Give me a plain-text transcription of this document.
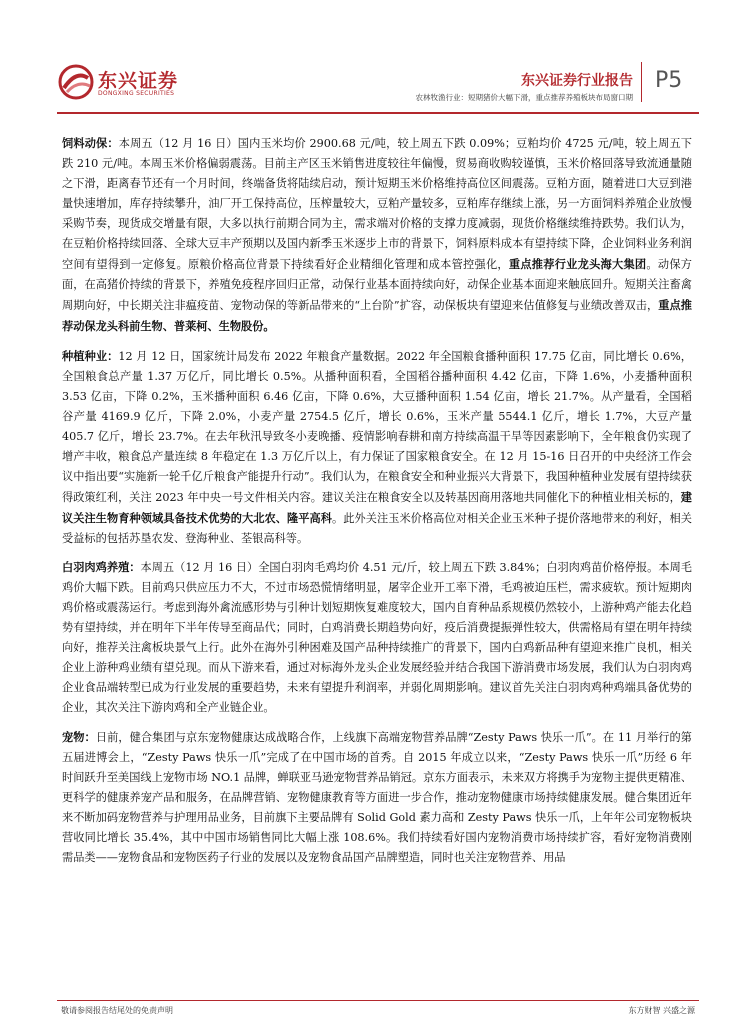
东兴证券
DONGXING SECURITIES
东兴证券行业报告
农林牧渔行业：短期猪价大幅下滑，重点推荐养殖板块布局窗口期
P5

饲料动保：本周五（12 月 16 日）国内玉米均价 2900.68 元/吨，较上周五下跌 0.09%；豆粕均价 4725 元/吨，较上周五下跌 210 元/吨。本周玉米价格偏弱震荡。目前主产区玉米销售进度较往年偏慢，贸易商收购较谨慎，玉米价格回落导致流通量随之下滑，距离春节还有一个月时间，终端备货将陆续启动，预计短期玉米价格维持高位区间震荡。豆粕方面，随着进口大豆到港量快速增加，库存持续攀升，油厂开工保持高位，压榨量较大，豆粕产量较多，豆粕库存继续上涨，另一方面饲料养殖企业放慢采购节奏，现货成交增量有限，大多以执行前期合同为主，需求端对价格的支撑力度减弱，现货价格继续维持跌势。我们认为，在豆粕价格持续回落、全球大豆丰产预期以及国内新季玉米逐步上市的背景下，饲料原料成本有望持续下降，企业饲料业务利润空间有望得到一定修复。原粮价格高位背景下持续看好企业精细化管理和成本管控强化，重点推荐行业龙头海大集团。动保方面，在高猪价持续的背景下，养殖免疫程序回归正常，动保行业基本面持续向好，动保企业基本面迎来触底回升。短期关注畜禽周期向好，中长期关注非瘟疫苗、宠物动保的等新品带来的“上台阶”扩容，动保板块有望迎来估值修复与业绩改善双击，重点推荐动保龙头科前生物、普莱柯、生物股份。

种植种业：12 月 12 日，国家统计局发布 2022 年粮食产量数据。2022 年全国粮食播种面积 17.75 亿亩，同比增长 0.6%，全国粮食总产量 1.37 万亿斤，同比增长 0.5%。从播种面积看，全国稻谷播种面积 4.42 亿亩，下降 1.6%，小麦播种面积 3.53 亿亩，下降 0.2%，玉米播种面积 6.46 亿亩，下降 0.6%，大豆播种面积 1.54 亿亩，增长 21.7%。从产量看，全国稻谷产量 4169.9 亿斤，下降 2.0%，小麦产量 2754.5 亿斤，增长 0.6%，玉米产量 5544.1 亿斤，增长 1.7%，大豆产量 405.7 亿斤，增长 23.7%。在去年秋汛导致冬小麦晚播、疫情影响春耕和南方持续高温干旱等因素影响下，全年粮食仍实现了增产丰收，粮食总产量连续 8 年稳定在 1.3 万亿斤以上，有力保证了国家粮食安全。在 12 月 15-16 日召开的中央经济工作会议中指出要“实施新一轮千亿斤粮食产能提升行动”。我们认为，在粮食安全和种业振兴大背景下，我国种植种业发展有望持续获得政策红利，关注 2023 年中央一号文件相关内容。建议关注在粮食安全以及转基因商用落地共同催化下的种植业相关标的，建议关注生物育种领域具备技术优势的大北农、隆平高科。此外关注玉米价格高位对相关企业玉米种子提价落地带来的利好，相关受益标的包括苏垦农发、登海种业、荃银高科等。

白羽肉鸡养殖：本周五（12 月 16 日）全国白羽肉毛鸡均价 4.51 元/斤，较上周五下跌 3.84%；白羽肉鸡苗价格停报。本周毛鸡价大幅下跌。目前鸡只供应压力不大，不过市场恐慌情绪明显，屠宰企业开工率下滑，毛鸡被迫压栏，需求疲软。预计短期肉鸡价格或震荡运行。考虑到海外禽流感形势与引种计划短期恢复难度较大，国内自育种品系规模仍然较小，上游种鸡产能去化趋势有望持续，并在明年下半年传导至商品代；同时，白鸡消费长期趋势向好，疫后消费提振弹性较大，供需格局有望在明年持续向好，推荐关注禽板块景气上行。此外在海外引种困难及国产品种持续推广的背景下，国内白鸡新品种有望迎来推广良机，相关企业上游种鸡业绩有望兑现。而从下游来看，通过对标海外龙头企业发展经验并结合我国下游消费市场发展，我们认为白羽肉鸡企业食品端转型已成为行业发展的重要趋势，未来有望提升利润率，并弱化周期影响。建议首先关注白羽肉鸡种鸡端具备优势的企业，其次关注下游肉鸡和全产业链企业。

宠物：日前，健合集团与京东宠物健康达成战略合作，上线旗下高端宠物营养品牌“Zesty Paws 快乐一爪”。在 11 月举行的第五届进博会上，“Zesty Paws 快乐一爪”完成了在中国市场的首秀。自 2015 年成立以来，“Zesty Paws 快乐一爪”历经 6 年时间跃升至美国线上宠物市场 NO.1 品牌，蝉联亚马逊宠物营养品销冠。京东方面表示，未来双方将携手为宠物主提供更精准、更科学的健康养宠产品和服务，在品牌营销、宠物健康教育等方面进一步合作，推动宠物健康市场持续健康发展。健合集团近年来不断加码宠物营养与护理用品业务，目前旗下主要品牌有 Solid Gold 素力高和 Zesty Paws 快乐一爪，上年年公司宠物板块营收同比增长 35.4%，其中中国市场销售同比大幅上涨 108.6%。我们持续看好国内宠物消费市场持续扩容，看好宠物消费刚需品类——宠物食品和宠物医药子行业的发展以及宠物食品国产品牌塑造，同时也关注宠物营养、用品

敬请参阅报告结尾处的免责声明	东方财智 兴盛之源
